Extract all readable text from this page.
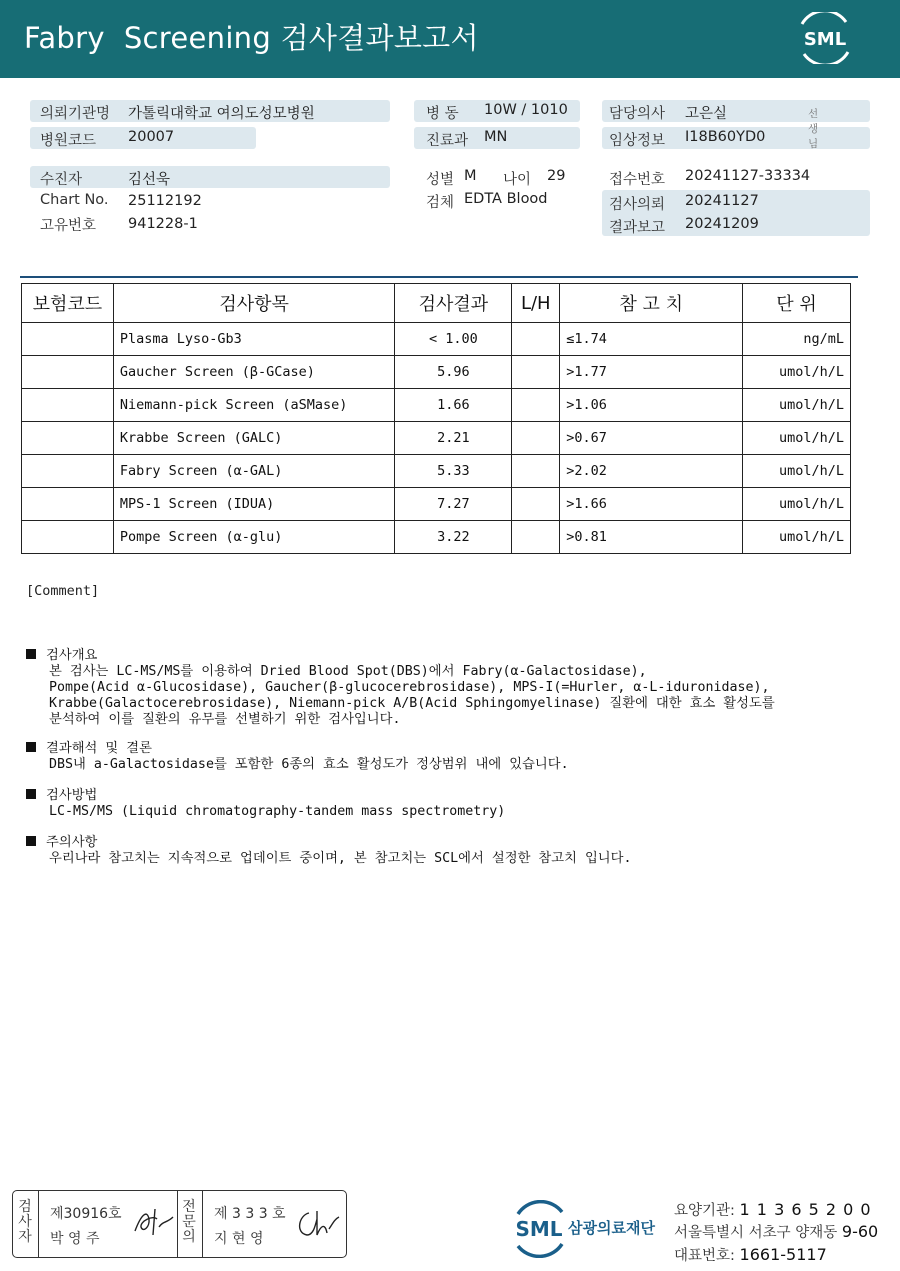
Fabry  Screening 검사결과보고서	SML
의뢰기관명 가톨릭대학교 여의도성모병원
병원코드 20007
병 동 10W / 1010
진료과 MN
담당의사 고은실	선생님
임상정보 I18B60YD0
수진자	김선욱
Chart No. 25112192
고유번호 941228-1
성별 M 나이 29
검체 EDTA Blood
접수번호 20241127-33334
검사의뢰 20241127
결과보고 20241209
보험코드	검사항목	검사결과	L/H	참 고 치	단 위
	Plasma Lyso-Gb3	< 1.00		≤1.74	ng/mL
	Gaucher Screen (β-GCase)	5.96		>1.77	umol/h/L
	Niemann-pick Screen (aSMase)	1.66		>1.06	umol/h/L
	Krabbe Screen (GALC)	2.21		>0.67	umol/h/L
	Fabry Screen (α-GAL)	5.33		>2.02	umol/h/L
	MPS-1 Screen (IDUA)	7.27		>1.66	umol/h/L
	Pompe Screen (α-glu)	3.22		>0.81	umol/h/L
[Comment]
검사개요
본 검사는 LC-MS/MS를 이용하여 Dried Blood Spot(DBS)에서 Fabry(α-Galactosidase),
Pompe(Acid α-Glucosidase), Gaucher(β-glucocerebrosidase), MPS-I(=Hurler, α-L-iduronidase),
Krabbe(Galactocerebrosidase), Niemann-pick A/B(Acid Sphingomyelinase) 질환에 대한 효소 활성도를
분석하여 이를 질환의 유무를 선별하기 위한 검사입니다.
결과해석 및 결론
DBS내 a-Galactosidase를 포함한 6종의 효소 활성도가 정상범위 내에 있습니다.
검사방법
LC-MS/MS (Liquid chromatography-tandem mass spectrometry)
주의사항
우리나라 참고치는 지속적으로 업데이트 중이며, 본 참고치는 SCL에서 설정한 참고치 입니다.
검사자
제30916호
박 영 주
전문의
제 3 3 3 호
지 현 영	SML 삼광의료재단
요양기관: 1 1 3 6 5 2 0 0
서울특별시 서초구 양재동 9-60
대표번호: 1661-5117
